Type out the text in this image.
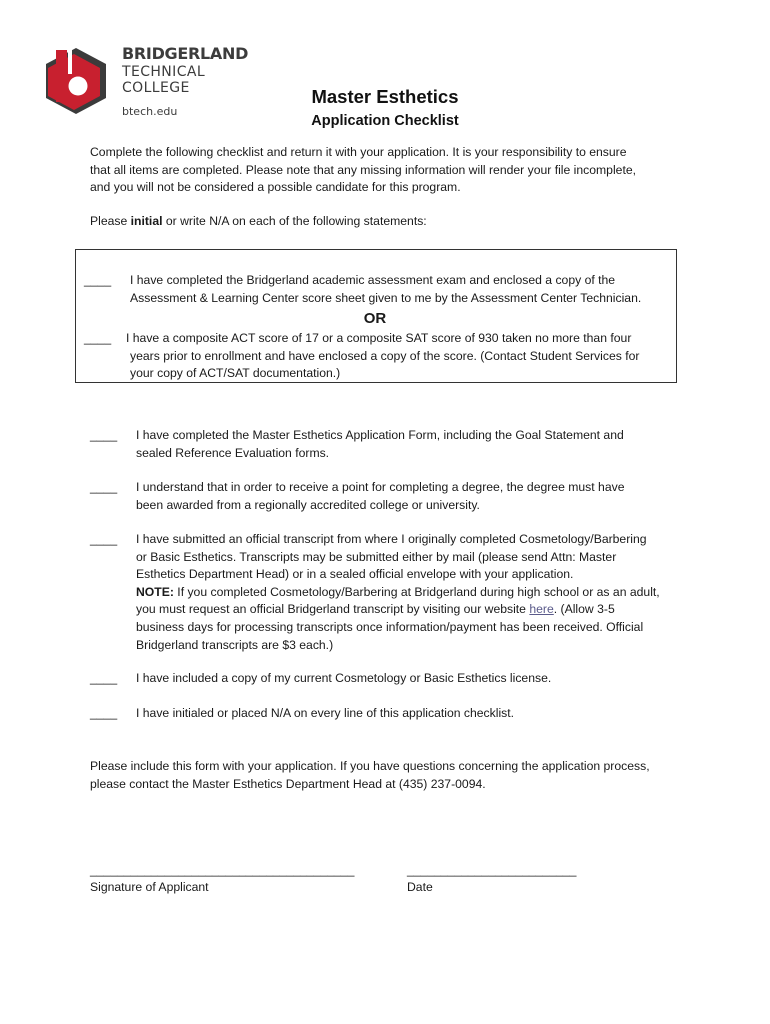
BRIDGERLAND
TECHNICAL
COLLEGE
btech.edu
Master Esthetics
Application Checklist
Complete the following checklist and return it with your application. It is your responsibility to ensure
that all items are completed. Please note that any missing information will render your file incomplete,
and you will not be considered a possible candidate for this program.
Please initial or write N/A on each of the following statements:
____ I have completed the Bridgerland academic assessment exam and enclosed a copy of the
Assessment & Learning Center score sheet given to me by the Assessment Center Technician.
OR
____ I have a composite ACT score of 17 or a composite SAT score of 930 taken no more than four
years prior to enrollment and have enclosed a copy of the score. (Contact Student Services for
your copy of ACT/SAT documentation.)
____ I have completed the Master Esthetics Application Form, including the Goal Statement and
sealed Reference Evaluation forms.
____ I understand that in order to receive a point for completing a degree, the degree must have
been awarded from a regionally accredited college or university.
____ I have submitted an official transcript from where I originally completed Cosmetology/Barbering
or Basic Esthetics. Transcripts may be submitted either by mail (please send Attn: Master
Esthetics Department Head) or in a sealed official envelope with your application.
NOTE: If you completed Cosmetology/Barbering at Bridgerland during high school or as an adult,
you must request an official Bridgerland transcript by visiting our website here. (Allow 3-5
business days for processing transcripts once information/payment has been received. Official
Bridgerland transcripts are $3 each.)
____ I have included a copy of my current Cosmetology or Basic Esthetics license.
____ I have initialed or placed N/A on every line of this application checklist.
Please include this form with your application. If you have questions concerning the application process,
please contact the Master Esthetics Department Head at (435) 237-0094.
_______________________________________
Signature of Applicant
_________________________
Date
